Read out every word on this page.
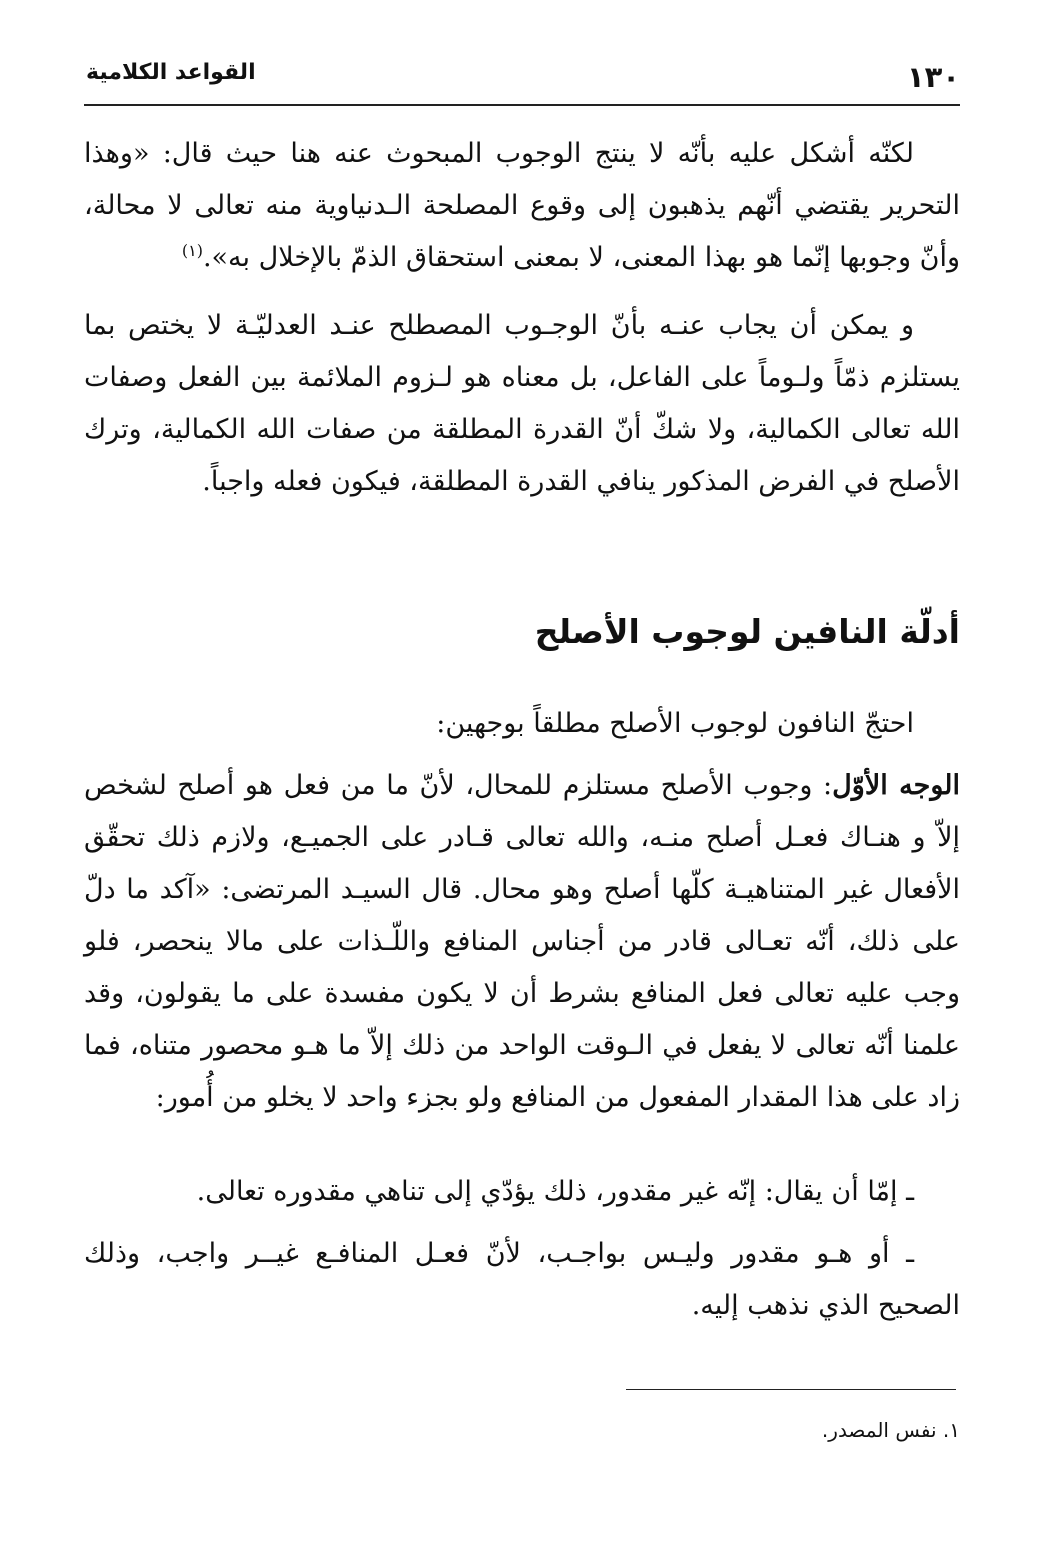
١٣٠
القواعد الكلامية

لكنّه أشكل عليه بأنّه لا ينتج الوجوب المبحوث عنه هنا حيث قال: «وهذا التحرير يقتضي أنّهم يذهبون إلى وقوع المصلحة الـدنياوية منه تعالى لا محالة، وأنّ وجوبها إنّما هو بهذا المعنى، لا بمعنى استحقاق الذمّ بالإخلال به».$^{(١)}$

و يمكن أن يجاب عنـه بأنّ الوجـوب المصطلح عنـد العدليّـة لا يختص بما يستلزم ذمّاً ولـوماً على الفاعل، بل معناه هو لـزوم الملائمة بين الفعل وصفات الله تعالى الكمالية، ولا شكّ أنّ القدرة المطلقة من صفات الله الكمالية، وترك الأصلح في الفرض المذكور ينافي القدرة المطلقة، فيكون فعله واجباً.

أدلّة النافين لوجوب الأصلح

احتجّ النافون لوجوب الأصلح مطلقاً بوجهين:

الوجه الأوّل: وجوب الأصلح مستلزم للمحال، لأنّ ما من فعل هو أصلح لشخص إلاّ و هنـاك فعـل أصلح منـه، والله تعالى قـادر على الجميـع، ولازم ذلك تحقّق الأفعال غير المتناهيـة كلّها أصلح وهو محال. قال السيـد المرتضى: «آكد ما دلّ على ذلك، أنّه تعـالى قادر من أجناس المنافع واللّـذات على مالا ينحصر، فلو وجب عليه تعالى فعل المنافع بشرط أن لا يكون مفسدة على ما يقولون، وقد علمنا أنّه تعالى لا يفعل في الـوقت الواحد من ذلك إلاّ ما هـو محصور متناه، فما زاد على هذا المقدار المفعول من المنافع ولو بجزء واحد لا يخلو من أُمور:

ـ إمّا أن يقال: إنّه غير مقدور، ذلك يؤدّي إلى تناهي مقدوره تعالى.

ـ أو هـو مقدور وليـس بواجـب، لأنّ فعـل المنافـع غيــر واجب، وذلك الصحيح الذي نذهب إليه.

١. نفس المصدر.
